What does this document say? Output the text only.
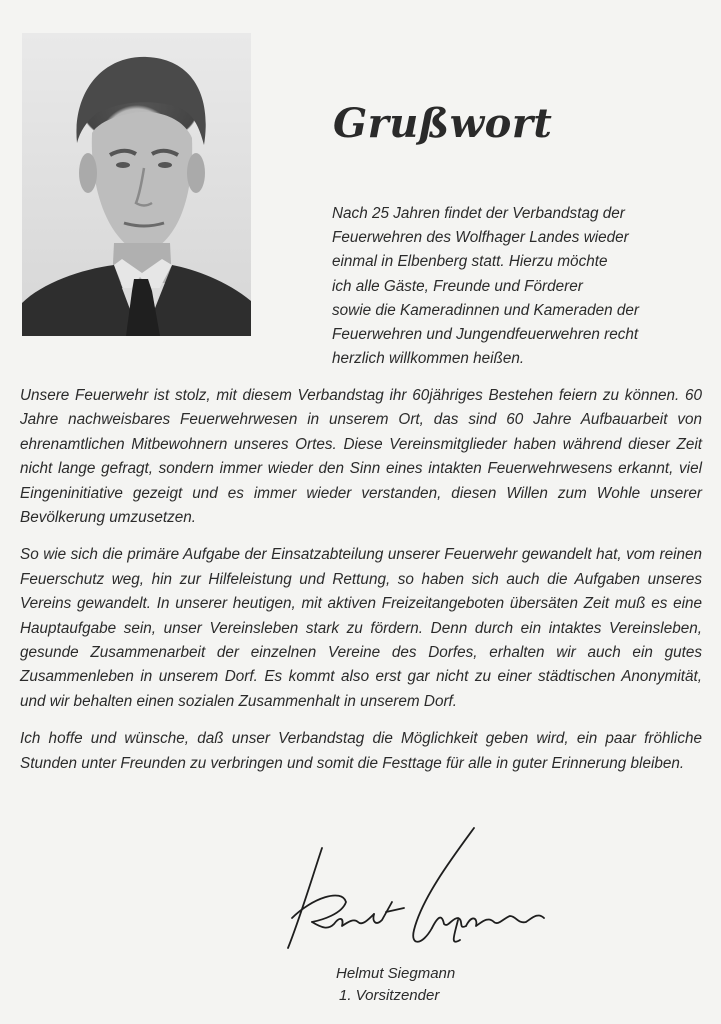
Grußwort

Nach 25 Jahren findet der Verbandstag der

Feuerwehren des Wolfhager Landes wieder

einmal in Elbenberg statt. Hierzu möchte

ich alle Gäste, Freunde und Förderer

sowie die Kameradinnen und Kameraden der

Feuerwehren und Jungendfeuerwehren recht

herzlich willkommen heißen.

Unsere Feuerwehr ist stolz, mit diesem Verbandstag ihr 60jähriges Bestehen feiern zu können. 60 Jahre nachweisbares Feuerwehrwesen in unserem Ort, das sind 60 Jahre Aufbauarbeit von ehrenamtlichen Mitbewohnern unseres Ortes. Diese Vereinsmitglieder haben während dieser Zeit nicht lange gefragt, sondern immer wieder den Sinn eines intakten Feuerwehrwesens erkannt, viel Eingeninitiative gezeigt und es immer wieder verstanden, diesen Willen zum Wohle unserer Bevölkerung umzusetzen.

So wie sich die primäre Aufgabe der Einsatzabteilung unserer Feuerwehr gewandelt hat, vom reinen Feuerschutz weg, hin zur Hilfeleistung und Rettung, so haben sich auch die Aufgaben unseres Vereins gewandelt. In unserer heutigen, mit aktiven Freizeitangeboten übersäten Zeit muß es eine Hauptaufgabe sein, unser Vereinsleben stark zu fördern. Denn durch ein intaktes Vereinsleben, gesunde Zusammenarbeit der einzelnen Vereine des Dorfes, erhalten wir auch ein gutes Zusammenleben in unserem Dorf. Es kommt also erst gar nicht zu einer städtischen Anonymität, und wir behalten einen sozialen Zusammenhalt in unserem Dorf.

Ich hoffe und wünsche, daß unser Verbandstag die Möglichkeit geben wird, ein paar fröhliche Stunden unter Freunden zu verbringen und somit die Festtage für alle in guter Erinnerung bleiben.

Helmut Siegmann
1. Vorsitzender
